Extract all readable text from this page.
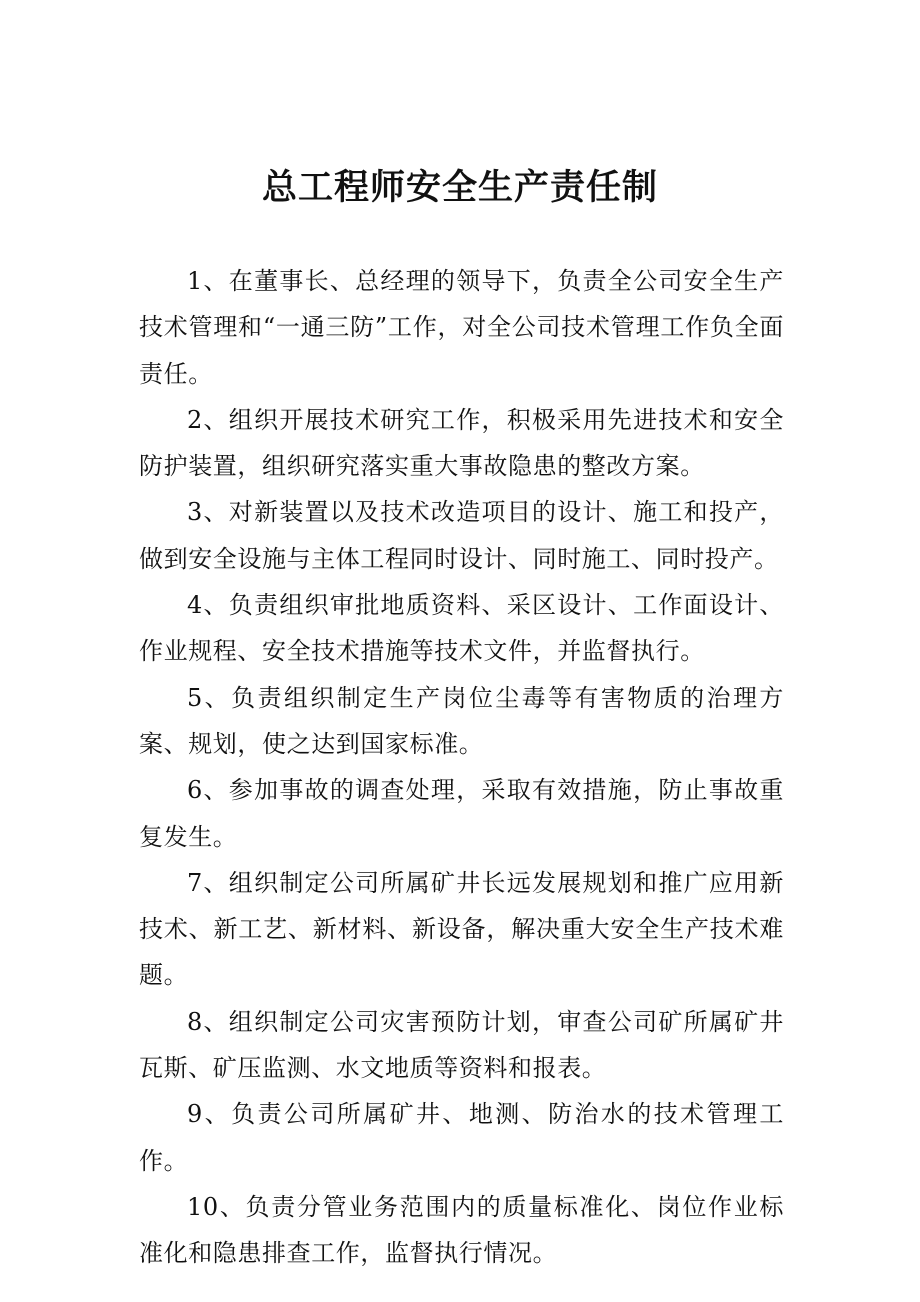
总工程师安全生产责任制

1、在董事长、总经理的领导下，负责全公司安全生产技术管理和“一通三防”工作，对全公司技术管理工作负全面责任。

2、组织开展技术研究工作，积极采用先进技术和安全防护装置，组织研究落实重大事故隐患的整改方案。

3、对新装置以及技术改造项目的设计、施工和投产，做到安全设施与主体工程同时设计、同时施工、同时投产。

4、负责组织审批地质资料、采区设计、工作面设计、作业规程、安全技术措施等技术文件，并监督执行。

5、负责组织制定生产岗位尘毒等有害物质的治理方案、规划，使之达到国家标准。

6、参加事故的调查处理，采取有效措施，防止事故重复发生。

7、组织制定公司所属矿井长远发展规划和推广应用新技术、新工艺、新材料、新设备，解决重大安全生产技术难题。

8、组织制定公司灾害预防计划，审查公司矿所属矿井瓦斯、矿压监测、水文地质等资料和报表。

9、负责公司所属矿井、地测、防治水的技术管理工作。

10、负责分管业务范围内的质量标准化、岗位作业标准化和隐患排查工作，监督执行情况。
